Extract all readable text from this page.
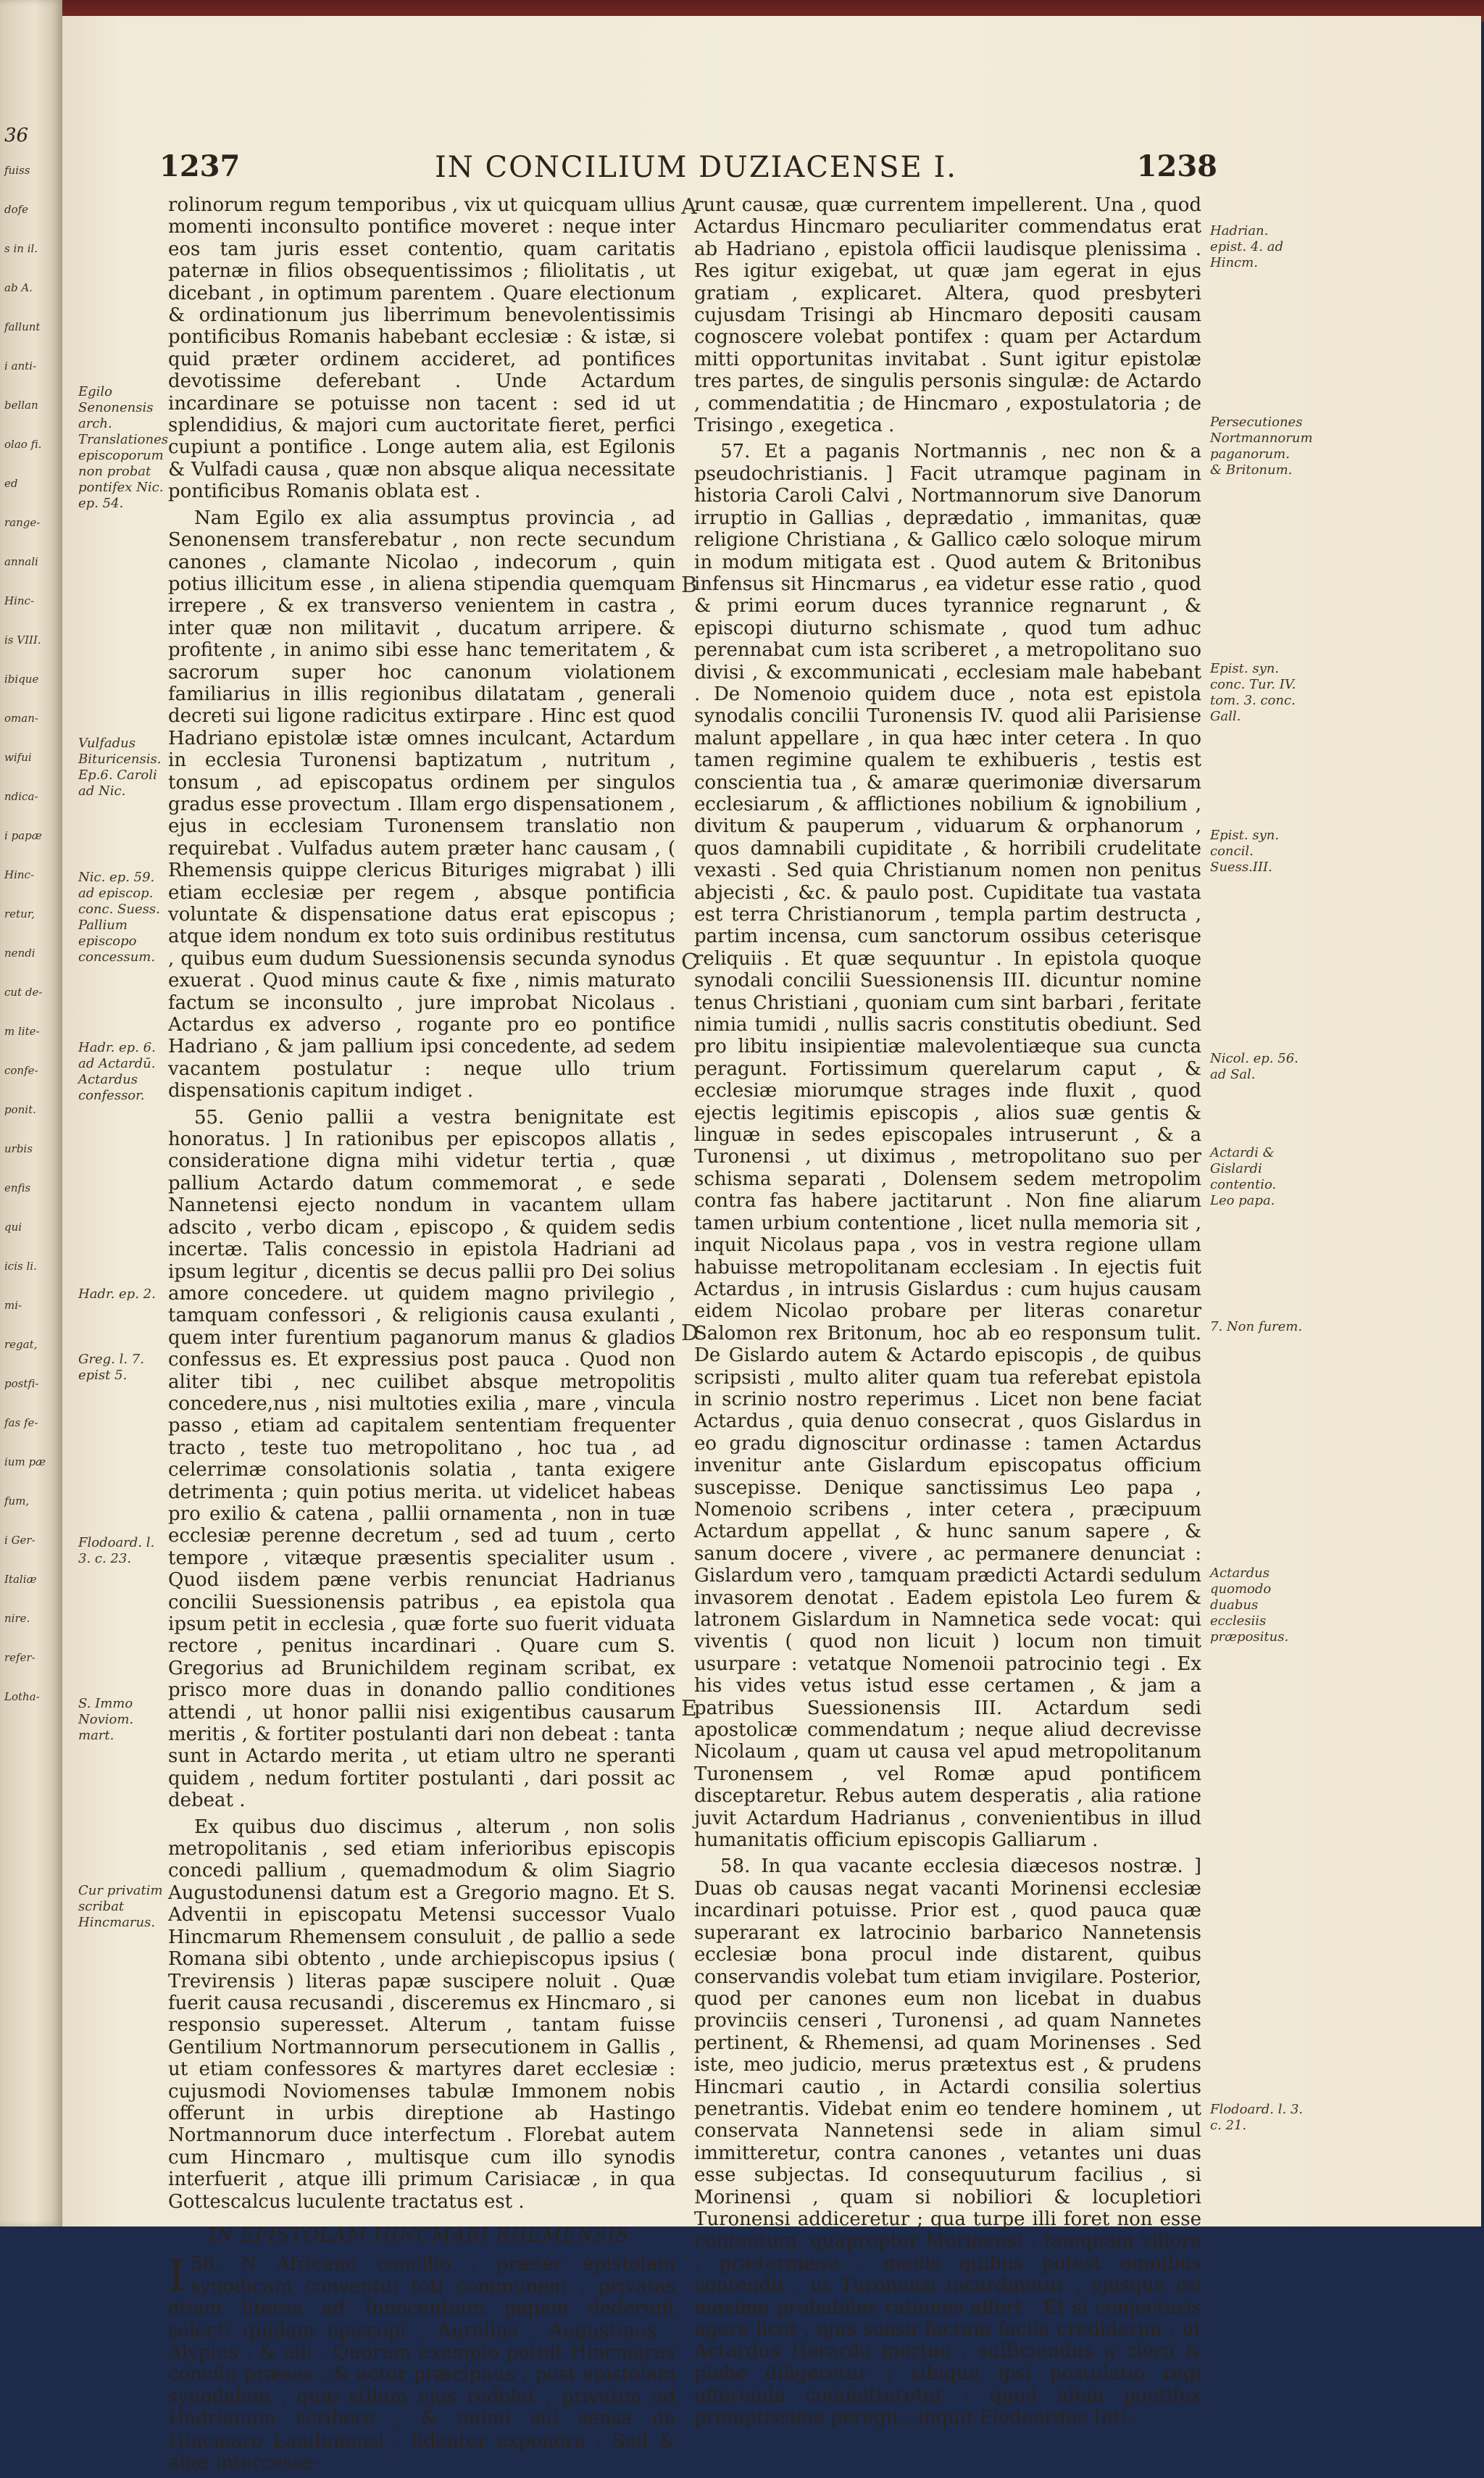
36
fuiss
dofe
s in il.
ab A.
fallunt
i anti-
bellan
olao fi.
ed
range-
annali
Hinc-
is VIII.
ibique
oman-
wifui
ndica-
i papæ
Hinc-
retur,
nendi
cut de-
m lite-
confe-
ponit.
urbis
enfis
qui
icis li.
mi-
regat,
postfi-
fas fe-
ium pæ
fum,
i Ger-
Italiæ
nire.
refer-
Lotha-
1237	IN CONCILIUM DUZIACENSE I.	1238

rolinorum regum temporibus , vix ut quicquam ullius momenti inconsulto pontifice moveret : neque inter eos tam juris esset contentio, quam caritatis paternæ in filios obsequentissimos ; filiolitatis , ut dicebant , in optimum parentem . Quare electionum & ordinationum jus liberrimum benevolentissimis pontificibus Romanis habebant ecclesiæ : & istæ, si quid præter ordinem accideret, ad pontifices devotissime deferebant . Unde Actardum incardinare se potuisse non tacent : sed id ut splendidius, & majori cum auctoritate fieret, perfici cupiunt a pontifice . Longe autem alia, est Egilonis & Vulfadi causa , quæ non absque aliqua necessitate pontificibus Romanis oblata est .

Nam Egilo ex alia assumptus provincia , ad Senonensem transferebatur , non recte secundum canones , clamante Nicolao , indecorum , quin potius illicitum esse , in aliena stipendia quemquam irrepere , & ex transverso venientem in castra , inter quæ non militavit , ducatum arripere. & profitente , in animo sibi esse hanc temeritatem , & sacrorum super hoc canonum violationem familiarius in illis regionibus dilatatam , generali decreti sui ligone radicitus extirpare . Hinc est quod Hadriano epistolæ istæ omnes inculcant, Actardum in ecclesia Turonensi baptizatum , nutritum , tonsum , ad episcopatus ordinem per singulos gradus esse provectum . Illam ergo dispensationem , ejus in ecclesiam Turonensem translatio non requirebat . Vulfadus autem præter hanc causam , ( Rhemensis quippe clericus Bituriges migrabat ) illi etiam ecclesiæ per regem , absque pontificia voluntate & dispensatione datus erat episcopus ; atque idem nondum ex toto suis ordinibus restitutus , quibus eum dudum Suessionensis secunda synodus exuerat . Quod minus caute & fixe , nimis maturato factum se inconsulto , jure improbat Nicolaus . Actardus ex adverso , rogante pro eo pontifice Hadriano , & jam pallium ipsi concedente, ad sedem vacantem postulatur : neque ullo trium dispensationis capitum indiget .

55. Genio pallii a vestra benignitate est honoratus. ] In rationibus per episcopos allatis , consideratione digna mihi videtur tertia , quæ pallium Actardo datum commemorat , e sede Nannetensi ejecto nondum in vacantem ullam adscito , verbo dicam , episcopo , & quidem sedis incertæ. Talis concessio in epistola Hadriani ad ipsum legitur , dicentis se decus pallii pro Dei solius amore concedere. ut quidem magno privilegio , tamquam confessori , & religionis causa exulanti , quem inter furentium paganorum manus & gladios confessus es. Et expressius post pauca . Quod non aliter tibi , nec cuilibet absque metropolitis concedere,nus , nisi multoties exilia , mare , vincula passo , etiam ad capitalem sententiam frequenter tracto , teste tuo metropolitano , hoc tua , ad celerrimæ consolationis solatia , tanta exigere detrimenta ; quin potius merita. ut videlicet habeas pro exilio & catena , pallii ornamenta , non in tuæ ecclesiæ perenne decretum , sed ad tuum , certo tempore , vitæque præsentis specialiter usum . Quod iisdem pæne verbis renunciat Hadrianus concilii Suessionensis patribus , ea epistola qua ipsum petit in ecclesia , quæ forte suo fuerit viduata rectore , penitus incardinari . Quare cum S. Gregorius ad Brunichildem reginam scribat, ex prisco more duas in donando pallio conditiones attendi , ut honor pallii nisi exigentibus causarum meritis , & fortiter postulanti dari non debeat : tanta sunt in Actardo merita , ut etiam ultro ne speranti quidem , nedum fortiter postulanti , dari possit ac debeat .

Ex quibus duo discimus , alterum , non solis metropolitanis , sed etiam inferioribus episcopis concedi pallium , quemadmodum & olim Siagrio Augustodunensi datum est a Gregorio magno. Et S. Adventii in episcopatu Metensi successor Vualo Hincmarum Rhemensem consuluit , de pallio a sede Romana sibi obtento , unde archiepiscopus ipsius ( Trevirensis ) literas papæ suscipere noluit . Quæ fuerit causa recusandi , disceremus ex Hincmaro , si responsio superesset. Alterum , tantam fuisse Gentilium Nortmannorum persecutionem in Gallis , ut etiam confessores & martyres daret ecclesiæ : cujusmodi Noviomenses tabulæ Immonem nobis offerunt in urbis direptione ab Hastingo Nortmannorum duce interfectum . Florebat autem cum Hincmaro , multisque cum illo synodis interfuerit , atque illi primum Carisiacæ , in qua Gottescalcus luculente tractatus est .

IN EPISTOLAM HINCMARI RHEMENSIS.

56.
I	N Africano concilio , præter epistolam synodicam conventui toti communem , privatas etiam literas ad Innocentium papam dederunt selecti quidam episcopi , Aurelius , Augustinus , Alypius , & alii . Quorum exemplo potuit Hincmarus concilii præses , & actor præcipuus , post epistolam synodalem , quæ stilum ejus redolet , privatim ad Hadrianum scribere , & animi sui sensa de Hincmaro Laudunensi , fidenter exponere . Sed & aliæ intercesse-

runt causæ, quæ currentem impellerent. Una , quod Actardus Hincmaro peculiariter commendatus erat ab Hadriano , epistola officii laudisque plenissima . Res igitur exigebat, ut quæ jam egerat in ejus gratiam , explicaret. Altera, quod presbyteri cujusdam Trisingi ab Hincmaro depositi causam cognoscere volebat pontifex : quam per Actardum mitti opportunitas invitabat . Sunt igitur epistolæ tres partes, de singulis personis singulæ: de Actardo , commendatitia ; de Hincmaro , expostulatoria ; de Trisingo , exegetica .

57. Et a paganis Nortmannis , nec non & a pseudochristianis. ] Facit utramque paginam in historia Caroli Calvi , Nortmannorum sive Danorum irruptio in Gallias , deprædatio , immanitas, quæ religione Christiana , & Gallico cælo soloque mirum in modum mitigata est . Quod autem & Britonibus infensus sit Hincmarus , ea videtur esse ratio , quod & primi eorum duces tyrannice regnarunt , & episcopi diuturno schismate , quod tum adhuc perennabat cum ista scriberet , a metropolitano suo divisi , & excommunicati , ecclesiam male habebant . De Nomenoio quidem duce , nota est epistola synodalis concilii Turonensis IV. quod alii Parisiense malunt appellare , in qua hæc inter cetera . In quo tamen regimine qualem te exhibueris , testis est conscientia tua , & amaræ querimoniæ diversarum ecclesiarum , & afflictiones nobilium & ignobilium , divitum & pauperum , viduarum & orphanorum , quos damnabili cupiditate , & horribili crudelitate vexasti . Sed quia Christianum nomen non penitus abjecisti , &c. & paulo post. Cupiditate tua vastata est terra Christianorum , templa partim destructa , partim incensa, cum sanctorum ossibus ceterisque reliquiis . Et quæ sequuntur . In epistola quoque synodali concilii Suessionensis III. dicuntur nomine tenus Christiani , quoniam cum sint barbari , feritate nimia tumidi , nullis sacris constitutis obediunt. Sed pro libitu insipientiæ malevolentiæque sua cuncta peragunt. Fortissimum querelarum caput , & ecclesiæ miorumque strages inde fluxit , quod ejectis legitimis episcopis , alios suæ gentis & linguæ in sedes episcopales intruserunt , & a Turonensi , ut diximus , metropolitano suo per schisma separati , Dolensem sedem metropolim contra fas habere jactitarunt . Non fine aliarum tamen urbium contentione , licet nulla memoria sit , inquit Nicolaus papa , vos in vestra regione ullam habuisse metropolitanam ecclesiam . In ejectis fuit Actardus , in intrusis Gislardus : cum hujus causam eidem Nicolao probare per literas conaretur Salomon rex Britonum, hoc ab eo responsum tulit. De Gislardo autem & Actardo episcopis , de quibus scripsisti , multo aliter quam tua referebat epistola in scrinio nostro reperimus . Licet non bene faciat Actardus , quia denuo consecrat , quos Gislardus in eo gradu dignoscitur ordinasse : tamen Actardus invenitur ante Gislardum episcopatus officium suscepisse. Denique sanctissimus Leo papa , Nomenoio scribens , inter cetera , præcipuum Actardum appellat , & hunc sanum sapere , & sanum docere , vivere , ac permanere denunciat : Gislardum vero , tamquam prædicti Actardi sedulum invasorem denotat . Eadem epistola Leo furem & latronem Gislardum in Namnetica sede vocat: qui viventis ( quod non licuit ) locum non timuit usurpare : vetatque Nomenoii patrocinio tegi . Ex his vides vetus istud esse certamen , & jam a patribus Suessionensis III. Actardum sedi apostolicæ commendatum ; neque aliud decrevisse Nicolaum , quam ut causa vel apud metropolitanum Turonensem , vel Romæ apud pontificem disceptaretur. Rebus autem desperatis , alia ratione juvit Actardum Hadrianus , convenientibus in illud humanitatis officium episcopis Galliarum .

58. In qua vacante ecclesia diæcesos nostræ. ] Duas ob causas negat vacanti Morinensi ecclesiæ incardinari potuisse. Prior est , quod pauca quæ superarant ex latrocinio barbarico Nannetensis ecclesiæ bona procul inde distarent, quibus conservandis volebat tum etiam invigilare. Posterior, quod per canones eum non licebat in duabus provinciis censeri , Turonensi , ad quam Nannetes pertinent, & Rhemensi, ad quam Morinenses . Sed iste, meo judicio, merus prætextus est , & prudens Hincmari cautio , in Actardi consilia solertius penetrantis. Videbat enim eo tendere hominem , ut conservata Nannetensi sede in aliam simul immitteretur, contra canones , vetantes uni duas esse subjectas. Id consequuturum facilius , si Morinensi , quam si nobiliori & locupletiori Turonensi addiceretur ; qua turpe illi foret non esse contentum. quapropter Morinensi , tamquam viliore , prætermissa , modis quibus potest omnibus contendit , ut Turonensi incardinetur , ejusque rei maxime probabiles rationes affert . Et si conjecturis agere licet , ejus suasu factum facile crediderim , ut Actardus Herardo mortuo , sufficiendus a clero & plebe diligeretur ; sibique ipsi postulatio regi offerenda committeretur : quod idem pontifex promptissime peregit , inquit Flodoardus Inti-

A
B
C
D
E
Egilo Senonensis arch. Translationes episcoporum non probat pontifex Nic. ep. 54.
Vulfadus Bituricensis. Ep.6. Caroli ad Nic.
Nic. ep. 59. ad episcop. conc. Suess. Pallium episcopo concessum.
Hadr. ep. 6. ad Actardū. Actardus confessor.
Hadr. ep. 2.
Greg. l. 7. epist 5.
Flodoard. l. 3. c. 23.
S. Immo Noviom. mart.
Cur privatim scribat Hincmarus.
Hadrian. epist. 4. ad Hincm.
Persecutiones Nortmannorum paganorum. & Britonum.
Epist. syn. conc. Tur. IV. tom. 3. conc. Gall.
Epist. syn. concil. Suess.III.
Nicol. ep. 56. ad Sal.
Actardi & Gislardi contentio. Leo papa.
7. Non furem.
Actardus quomodo duabus ecclesiis præpositus.
Flodoard. l. 3. c. 21.
